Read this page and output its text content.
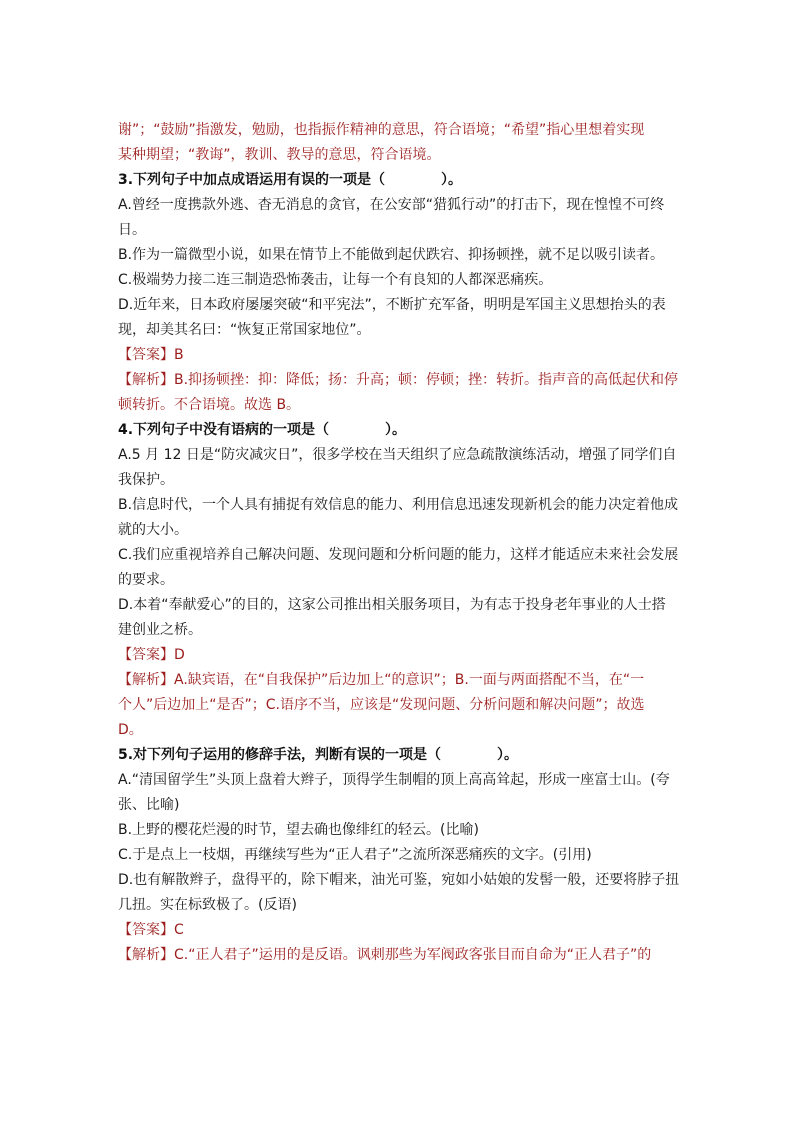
谢”；“鼓励”指激发，勉励，也指振作精神的意思，符合语境；“希望”指心里想着实现
某种期望；“教诲”，教训、教导的意思，符合语境。
3.下列句子中加点成语运用有误的一项是（　　　　）。
A.曾经一度携款外逃、杳无消息的贪官，在公安部“猎狐行动”的打击下，现在惶惶不可终
日。
B.作为一篇微型小说，如果在情节上不能做到起伏跌宕、抑扬顿挫，就不足以吸引读者。
C.极端势力接二连三制造恐怖袭击，让每一个有良知的人都深恶痛疾。
D.近年来，日本政府屡屡突破“和平宪法”，不断扩充军备，明明是军国主义思想抬头的表
现，却美其名曰：“恢复正常国家地位”。
【答案】B
【解析】B.抑扬顿挫：抑：降低；扬：升高；顿：停顿；挫：转折。指声音的高低起伏和停
顿转折。不合语境。故选 B。
4.下列句子中没有语病的一项是（　　　　）。
A.5 月 12 日是“防灾减灾日”，很多学校在当天组织了应急疏散演练活动，增强了同学们自
我保护。
B.信息时代，一个人具有捕捉有效信息的能力、利用信息迅速发现新机会的能力决定着他成
就的大小。
C.我们应重视培养自己解决问题、发现问题和分析问题的能力，这样才能适应未来社会发展
的要求。
D.本着“奉献爱心”的目的，这家公司推出相关服务项目，为有志于投身老年事业的人士搭
建创业之桥。
【答案】D
【解析】A.缺宾语，在“自我保护”后边加上“的意识”；B.一面与两面搭配不当，在“一
个人”后边加上“是否”；C.语序不当，应该是“发现问题、分析问题和解决问题”；故选
D。
5.对下列句子运用的修辞手法，判断有误的一项是（　　　　）。
A.“清国留学生”头顶上盘着大辫子，顶得学生制帽的顶上高高耸起，形成一座富士山。(夸
张、比喻)
B.上野的樱花烂漫的时节，望去确也像绯红的轻云。(比喻)
C.于是点上一枝烟，再继续写些为“正人君子”之流所深恶痛疾的文字。(引用)
D.也有解散辫子，盘得平的，除下帽来，油光可鉴，宛如小姑娘的发髻一般，还要将脖子扭
几扭。实在标致极了。(反语)
【答案】C
【解析】C.“正人君子”运用的是反语。讽刺那些为军阀政客张目而自命为“正人君子”的
